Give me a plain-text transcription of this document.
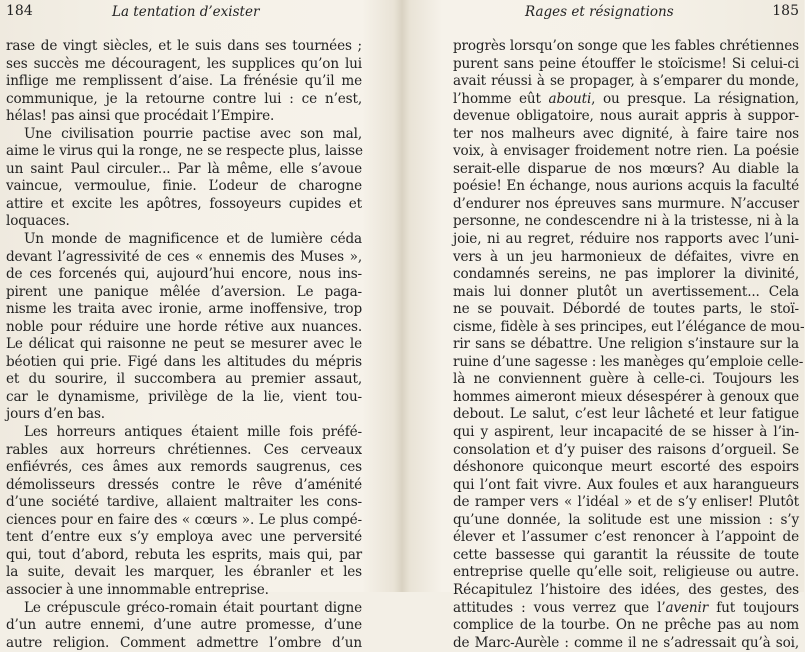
184	La tentation d’exister
rase de vingt siècles, et le suis dans ses tournées ;
ses succès me découragent, les supplices qu’on lui
inflige me remplissent d’aise. La frénésie qu’il me
communique, je la retourne contre lui : ce n’est,
hélas! pas ainsi que procédait l’Empire.
Une civilisation pourrie pactise avec son mal,
aime le virus qui la ronge, ne se respecte plus, laisse
un saint Paul circuler... Par là même, elle s’avoue
vaincue, vermoulue, finie. L’odeur de charogne
attire et excite les apôtres, fossoyeurs cupides et
loquaces.
Un monde de magnificence et de lumière céda
devant l’agressivité de ces « ennemis des Muses »,
de ces forcenés qui, aujourd’hui encore, nous ins-
pirent une panique mêlée d’aversion. Le paga-
nisme les traita avec ironie, arme inoffensive, trop
noble pour réduire une horde rétive aux nuances.
Le délicat qui raisonne ne peut se mesurer avec le
béotien qui prie. Figé dans les altitudes du mépris
et du sourire, il succombera au premier assaut,
car le dynamisme, privilège de la lie, vient tou-
jours d’en bas.
Les horreurs antiques étaient mille fois préfé-
rables aux horreurs chrétiennes. Ces cerveaux
enfiévrés, ces âmes aux remords saugrenus, ces
démolisseurs dressés contre le rêve d’aménité
d’une société tardive, allaient maltraiter les cons-
ciences pour en faire des « cœurs ». Le plus compé-
tent d’entre eux s’y employa avec une perversité
qui, tout d’abord, rebuta les esprits, mais qui, par
la suite, devait les marquer, les ébranler et les
associer à une innommable entreprise.
Le crépuscule gréco-romain était pourtant digne
d’un autre ennemi, d’une autre promesse, d’une
autre religion. Comment admettre l’ombre d’un
Rages et résignations	185
progrès lorsqu’on songe que les fables chrétiennes
purent sans peine étouffer le stoïcisme! Si celui-ci
avait réussi à se propager, à s’emparer du monde,
l’homme eût abouti, ou presque. La résignation,
devenue obligatoire, nous aurait appris à suppor-
ter nos malheurs avec dignité, à faire taire nos
voix, à envisager froidement notre rien. La poésie
serait-elle disparue de nos mœurs? Au diable la
poésie! En échange, nous aurions acquis la faculté
d’endurer nos épreuves sans murmure. N’accuser
personne, ne condescendre ni à la tristesse, ni à la
joie, ni au regret, réduire nos rapports avec l’uni-
vers à un jeu harmonieux de défaites, vivre en
condamnés sereins, ne pas implorer la divinité,
mais lui donner plutôt un avertissement... Cela
ne se pouvait. Débordé de toutes parts, le stoï-
cisme, fidèle à ses principes, eut l’élégance de mou-
rir sans se débattre. Une religion s’instaure sur la
ruine d’une sagesse : les manèges qu’emploie celle-
là ne conviennent guère à celle-ci. Toujours les
hommes aimeront mieux désespérer à genoux que
debout. Le salut, c’est leur lâcheté et leur fatigue
qui y aspirent, leur incapacité de se hisser à l’in-
consolation et d’y puiser des raisons d’orgueil. Se
déshonore quiconque meurt escorté des espoirs
qui l’ont fait vivre. Aux foules et aux harangueurs
de ramper vers « l’idéal » et de s’y enliser! Plutôt
qu’une donnée, la solitude est une mission : s’y
élever et l’assumer c’est renoncer à l’appoint de
cette bassesse qui garantit la réussite de toute
entreprise quelle qu’elle soit, religieuse ou autre.
Récapitulez l’histoire des idées, des gestes, des
attitudes : vous verrez que l’avenir fut toujours
complice de la tourbe. On ne prêche pas au nom
de Marc-Aurèle : comme il ne s’adressait qu’à soi,
